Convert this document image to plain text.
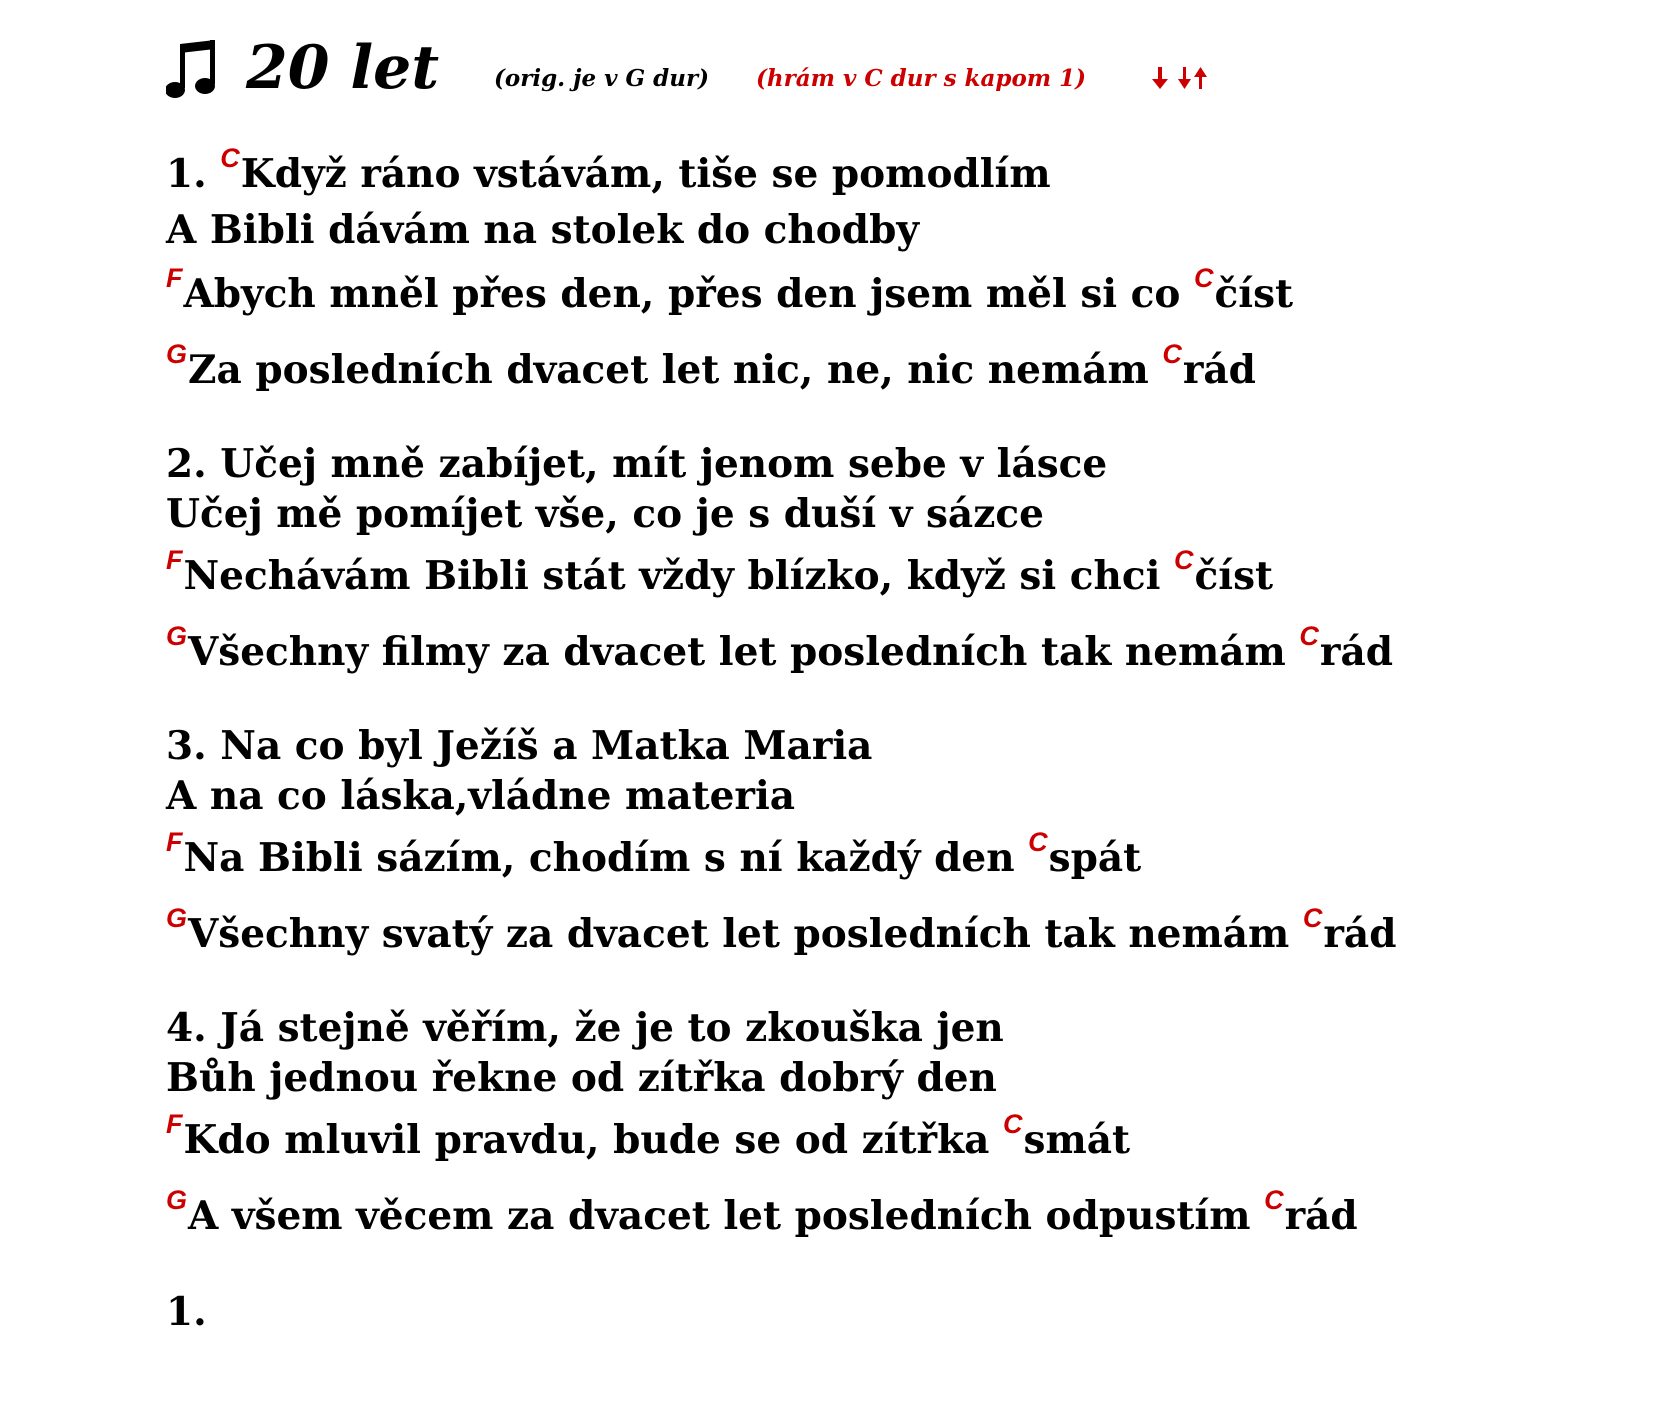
20 let (orig. je v G dur) (hrám v C dur s kapom 1)
1. $^C$Když ráno vstávám, tiše se pomodlím
A Bibli dávám na stolek do chodby
$^F$Abych mněl přes den, přes den jsem měl si co $^C$číst
$^G$Za posledních dvacet let nic, ne, nic nemám $^C$rád
2. Učej mně zabíjet, mít jenom sebe v lásce
Učej mě pomíjet vše, co je s duší v sázce
$^F$Nechávám Bibli stát vždy blízko, když si chci $^C$číst
$^G$Všechny filmy za dvacet let posledních tak nemám $^C$rád
3. Na co byl Ježíš a Matka Maria
A na co láska,vládne materia
$^F$Na Bibli sázím, chodím s ní každý den $^C$spát
$^G$Všechny svatý za dvacet let posledních tak nemám $^C$rád
4. Já stejně věřím, že je to zkouška jen
Bůh jednou řekne od zítřka dobrý den
$^F$Kdo mluvil pravdu, bude se od zítřka $^C$smát
$^G$A všem věcem za dvacet let posledních odpustím $^C$rád
1.
